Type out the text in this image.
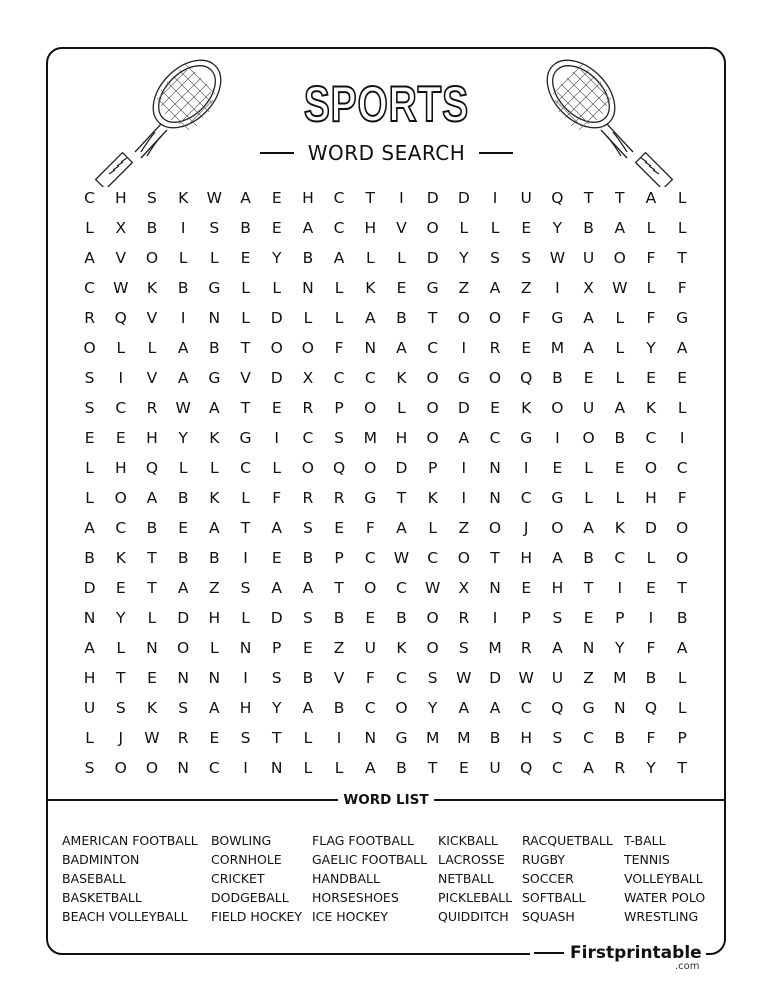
SPORTS
WORD SEARCH
C	H	S	K	W	A	E	H	C	T	I	D	D	I	U	Q	T	T	A	L
L	X	B	I	S	B	E	A	C	H	V	O	L	L	E	Y	B	A	L	L
A	V	O	L	L	E	Y	B	A	L	L	D	Y	S	S	W	U	O	F	T
C	W	K	B	G	L	L	N	L	K	E	G	Z	A	Z	I	X	W	L	F
R	Q	V	I	N	L	D	L	L	A	B	T	O	O	F	G	A	L	F	G
O	L	L	A	B	T	O	O	F	N	A	C	I	R	E	M	A	L	Y	A
S	I	V	A	G	V	D	X	C	C	K	O	G	O	Q	B	E	L	E	E
S	C	R	W	A	T	E	R	P	O	L	O	D	E	K	O	U	A	K	L
E	E	H	Y	K	G	I	C	S	M	H	O	A	C	G	I	O	B	C	I
L	H	Q	L	L	C	L	O	Q	O	D	P	I	N	I	E	L	E	O	C
L	O	A	B	K	L	F	R	R	G	T	K	I	N	C	G	L	L	H	F
A	C	B	E	A	T	A	S	E	F	A	L	Z	O	J	O	A	K	D	O
B	K	T	B	B	I	E	B	P	C	W	C	O	T	H	A	B	C	L	O
D	E	T	A	Z	S	A	A	T	O	C	W	X	N	E	H	T	I	E	T
N	Y	L	D	H	L	D	S	B	E	B	O	R	I	P	S	E	P	I	B
A	L	N	O	L	N	P	E	Z	U	K	O	S	M	R	A	N	Y	F	A
H	T	E	N	N	I	S	B	V	F	C	S	W	D	W	U	Z	M	B	L
U	S	K	S	A	H	Y	A	B	C	O	Y	A	A	C	Q	G	N	Q	L
L	J	W	R	E	S	T	L	I	N	G	M	M	B	H	S	C	B	F	P
S	O	O	N	C	I	N	L	L	A	B	T	E	U	Q	C	A	R	Y	T
WORD LIST
AMERICAN FOOTBALL
BADMINTON
BASEBALL
BASKETBALL
BEACH VOLLEYBALL
BOWLING
CORNHOLE
CRICKET
DODGEBALL
FIELD HOCKEY
FLAG FOOTBALL
GAELIC FOOTBALL
HANDBALL
HORSESHOES
ICE HOCKEY
KICKBALL
LACROSSE
NETBALL
PICKLEBALL
QUIDDITCH
RACQUETBALL
RUGBY
SOCCER
SOFTBALL
SQUASH
T-BALL
TENNIS
VOLLEYBALL
WATER POLO
WRESTLING
Firstprintable
.com
